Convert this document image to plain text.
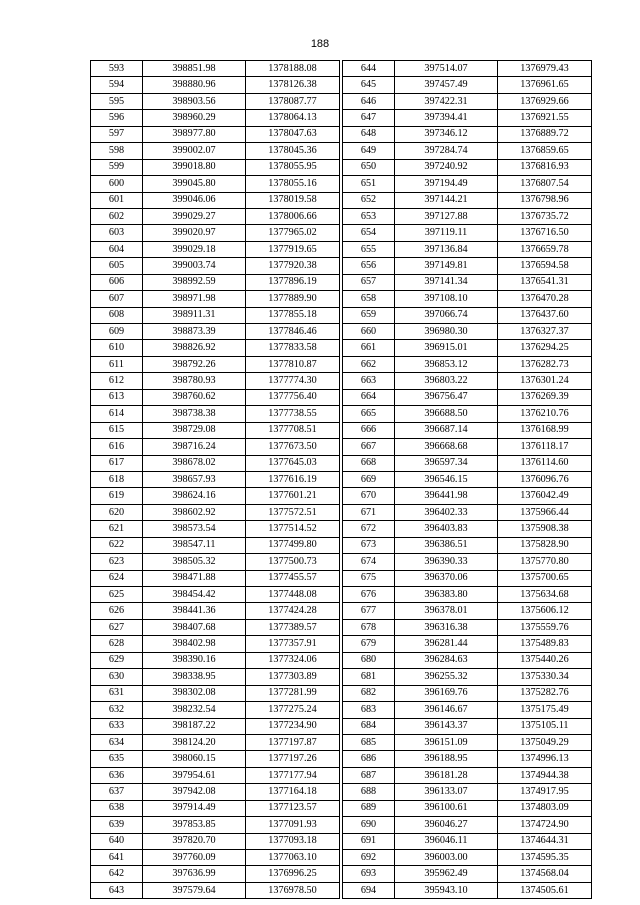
188
593	398851.98	1378188.08
594	398880.96	1378126.38
595	398903.56	1378087.77
596	398960.29	1378064.13
597	398977.80	1378047.63
598	399002.07	1378045.36
599	399018.80	1378055.95
600	399045.80	1378055.16
601	399046.06	1378019.58
602	399029.27	1378006.66
603	399020.97	1377965.02
604	399029.18	1377919.65
605	399003.74	1377920.38
606	398992.59	1377896.19
607	398971.98	1377889.90
608	398911.31	1377855.18
609	398873.39	1377846.46
610	398826.92	1377833.58
611	398792.26	1377810.87
612	398780.93	1377774.30
613	398760.62	1377756.40
614	398738.38	1377738.55
615	398729.08	1377708.51
616	398716.24	1377673.50
617	398678.02	1377645.03
618	398657.93	1377616.19
619	398624.16	1377601.21
620	398602.92	1377572.51
621	398573.54	1377514.52
622	398547.11	1377499.80
623	398505.32	1377500.73
624	398471.88	1377455.57
625	398454.42	1377448.08
626	398441.36	1377424.28
627	398407.68	1377389.57
628	398402.98	1377357.91
629	398390.16	1377324.06
630	398338.95	1377303.89
631	398302.08	1377281.99
632	398232.54	1377275.24
633	398187.22	1377234.90
634	398124.20	1377197.87
635	398060.15	1377197.26
636	397954.61	1377177.94
637	397942.08	1377164.18
638	397914.49	1377123.57
639	397853.85	1377091.93
640	397820.70	1377093.18
641	397760.09	1377063.10
642	397636.99	1376996.25
643	397579.64	1376978.50
644	397514.07	1376979.43
645	397457.49	1376961.65
646	397422.31	1376929.66
647	397394.41	1376921.55
648	397346.12	1376889.72
649	397284.74	1376859.65
650	397240.92	1376816.93
651	397194.49	1376807.54
652	397144.21	1376798.96
653	397127.88	1376735.72
654	397119.11	1376716.50
655	397136.84	1376659.78
656	397149.81	1376594.58
657	397141.34	1376541.31
658	397108.10	1376470.28
659	397066.74	1376437.60
660	396980.30	1376327.37
661	396915.01	1376294.25
662	396853.12	1376282.73
663	396803.22	1376301.24
664	396756.47	1376269.39
665	396688.50	1376210.76
666	396687.14	1376168.99
667	396668.68	1376118.17
668	396597.34	1376114.60
669	396546.15	1376096.76
670	396441.98	1376042.49
671	396402.33	1375966.44
672	396403.83	1375908.38
673	396386.51	1375828.90
674	396390.33	1375770.80
675	396370.06	1375700.65
676	396383.80	1375634.68
677	396378.01	1375606.12
678	396316.38	1375559.76
679	396281.44	1375489.83
680	396284.63	1375440.26
681	396255.32	1375330.34
682	396169.76	1375282.76
683	396146.67	1375175.49
684	396143.37	1375105.11
685	396151.09	1375049.29
686	396188.95	1374996.13
687	396181.28	1374944.38
688	396133.07	1374917.95
689	396100.61	1374803.09
690	396046.27	1374724.90
691	396046.11	1374644.31
692	396003.00	1374595.35
693	395962.49	1374568.04
694	395943.10	1374505.61
